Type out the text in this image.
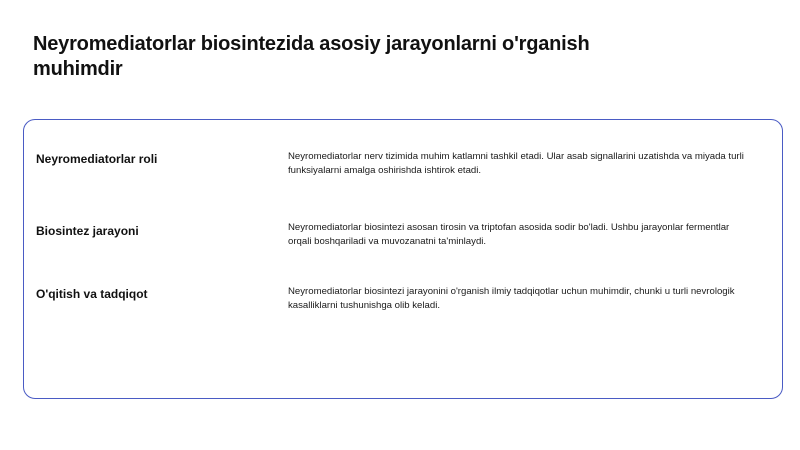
Neyromediatorlar biosintezida asosiy jarayonlarni o'rganish muhimdir
Neyromediatorlar roli	Neyromediatorlar nerv tizimida muhim katlamni tashkil etadi. Ular asab signallarini uzatishda va miyada turli funksiyalarni amalga oshirishda ishtirok etadi.
Biosintez jarayoni	Neyromediatorlar biosintezi asosan tirosin va triptofan asosida sodir bo'ladi. Ushbu jarayonlar fermentlar orqali boshqariladi va muvozanatni ta'minlaydi.
O'qitish va tadqiqot	Neyromediatorlar biosintezi jarayonini o'rganish ilmiy tadqiqotlar uchun muhimdir, chunki u turli nevrologik kasalliklarni tushunishga olib keladi.
